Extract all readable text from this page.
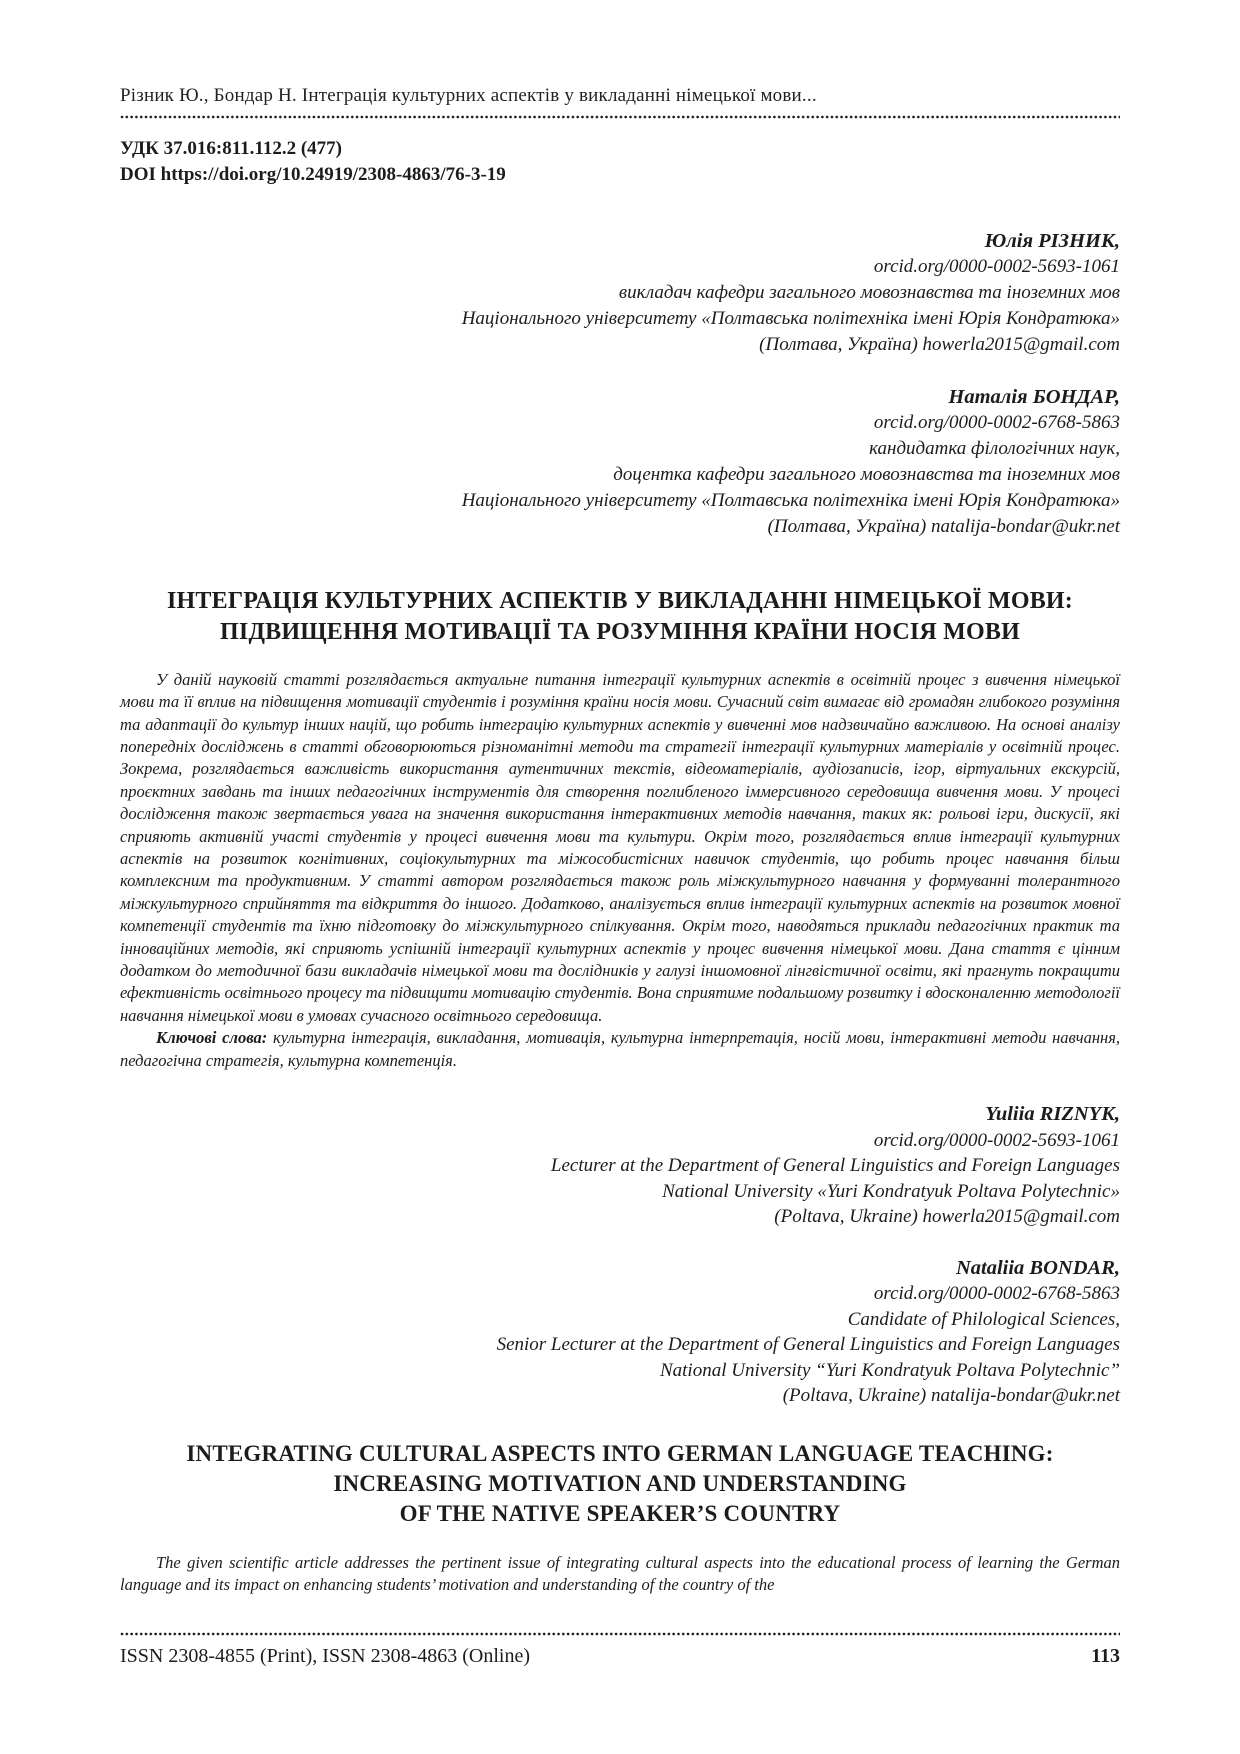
Різник Ю., Бондар Н. Інтеграція культурних аспектів у викладанні німецької мови...
УДК 37.016:811.112.2 (477)
DOI https://doi.org/10.24919/2308-4863/76-3-19
Юлія РІЗНИК,
orcid.org/0000-0002-5693-1061
викладач кафедри загального мовознавства та іноземних мов
Національного університету «Полтавська політехніка імені Юрія Кондратюка»
(Полтава, Україна) howerla2015@gmail.com
Наталія БОНДАР,
orcid.org/0000-0002-6768-5863
кандидатка філологічних наук,
доцентка кафедри загального мовознавства та іноземних мов
Національного університету «Полтавська політехніка імені Юрія Кондратюка»
(Полтава, Україна) natalija-bondar@ukr.net
ІНТЕГРАЦІЯ КУЛЬТУРНИХ АСПЕКТІВ У ВИКЛАДАННІ НІМЕЦЬКОЇ МОВИ:
ПІДВИЩЕННЯ МОТИВАЦІЇ ТА РОЗУМІННЯ КРАЇНИ НОСІЯ МОВИ

У даній науковій статті розглядається актуальне питання інтеграції культурних аспектів в освітній процес з вивчення німецької мови та її вплив на підвищення мотивації студентів і розуміння країни носія мови. Сучасний світ вимагає від громадян глибокого розуміння та адаптації до культур інших націй, що робить інтеграцію культурних аспектів у вивченні мов надзвичайно важливою. На основі аналізу попередніх досліджень в статті обговорюються різноманітні методи та стратегії інтеграції культурних матеріалів у освітній процес. Зокрема, розглядається важливість використання аутентичних текстів, відеоматеріалів, аудіозаписів, ігор, віртуальних екскурсій, проєктних завдань та інших педагогічних інструментів для створення поглибленого іммерсивного середовища вивчення мови. У процесі дослідження також звертається увага на значення використання інтерактивних методів навчання, таких як: рольові ігри, дискусії, які сприяють активній участі студентів у процесі вивчення мови та культури. Окрім того, розглядається вплив інтеграції культурних аспектів на розвиток когнітивних, соціокультурних та міжособистісних навичок студентів, що робить процес навчання більш комплексним та продуктивним. У статті автором розглядається також роль міжкультурного навчання у формуванні толерантного міжкультурного сприйняття та відкриття до іншого. Додатково, аналізується вплив інтеграції культурних аспектів на розвиток мовної компетенції студентів та їхню підготовку до міжкультурного спілкування. Окрім того, наводяться приклади педагогічних практик та інноваційних методів, які сприяють успішній інтеграції культурних аспектів у процес вивчення німецької мови. Дана стаття є цінним додатком до методичної бази викладачів німецької мови та дослідників у галузі іншомовної лінгвістичної освіти, які прагнуть покращити ефективність освітнього процесу та підвищити мотивацію студентів. Вона сприятиме подальшому розвитку і вдосконаленню методології навчання німецької мови в умовах сучасного освітнього середовища.

Ключові слова: культурна інтеграція, викладання, мотивація, культурна інтерпретація, носій мови, інтерактивні методи навчання, педагогічна стратегія, культурна компетенція.

Yuliia RIZNYK,
orcid.org/0000-0002-5693-1061
Lecturer at the Department of General Linguistics and Foreign Languages
National University «Yuri Kondratyuk Poltava Polytechnic»
(Poltava, Ukraine) howerla2015@gmail.com
Nataliia BONDAR,
orcid.org/0000-0002-6768-5863
Candidate of Philological Sciences,
Senior Lecturer at the Department of General Linguistics and Foreign Languages
National University “Yuri Kondratyuk Poltava Polytechnic”
(Poltava, Ukraine) natalija-bondar@ukr.net
INTEGRATING CULTURAL ASPECTS INTO GERMAN LANGUAGE TEACHING:
INCREASING MOTIVATION AND UNDERSTANDING
OF THE NATIVE SPEAKER’S COUNTRY

The given scientific article addresses the pertinent issue of integrating cultural aspects into the educational process of learning the German language and its impact on enhancing students’ motivation and understanding of the country of the

ISSN 2308-4855 (Print), ISSN 2308-4863 (Online)	113
